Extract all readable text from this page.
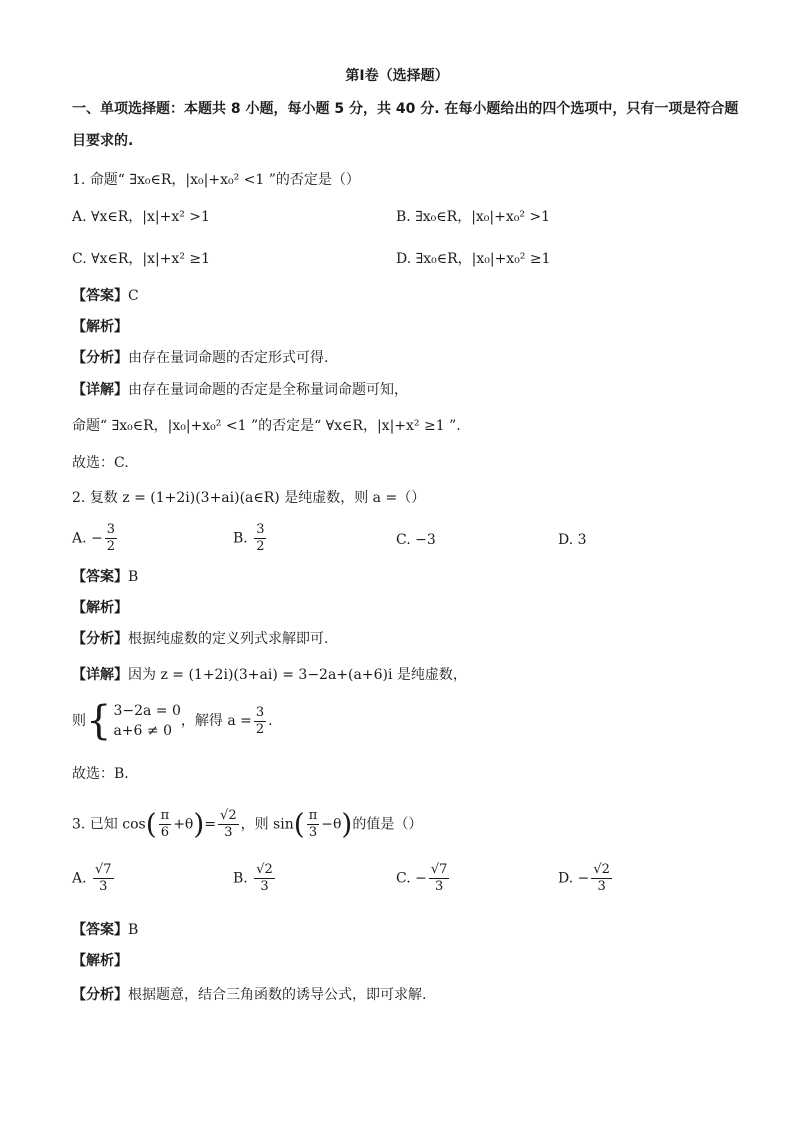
第Ⅰ卷（选择题）
一、单项选择题：本题共 8 小题，每小题 5 分，共 40 分. 在每小题给出的四个选项中，只有一项是符合题
目要求的.
1. 命题“ ∃x₀∈R，|x₀|+x₀² <1 ”的否定是（）
A. ∀x∈R，|x|+x² >1	B. ∃x₀∈R，|x₀|+x₀² >1
C. ∀x∈R，|x|+x² ≥1	D. ∃x₀∈R，|x₀|+x₀² ≥1
【答案】C
【解析】
【分析】由存在量词命题的否定形式可得.
【详解】由存在量词命题的否定是全称量词命题可知，
命题“ ∃x₀∈R，|x₀|+x₀² <1 ”的否定是“ ∀x∈R，|x|+x² ≥1 ”.
故选：C.
2. 复数 z = (1+2i)(3+ai)(a∈R) 是纯虚数，则 a =（）
A. − $\frac{3}{2}$	B. $\frac{3}{2}$	C. −3	D. 3
【答案】B
【解析】
【分析】根据纯虚数的定义列式求解即可.
【详解】因为 z = (1+2i)(3+ai) = 3−2a+(a+6)i 是纯虚数，
则{ 3−2a = 0
a+6 ≠ 0
，解得 $a = \frac{3}{2}$ .
故选：B.
3. 已知 $\cos( \frac{\pi}{6} +\theta)= \frac{√2}{3}$ ，则 $\sin( \frac{\pi}{3} -\theta)$的值是（）
A. $\frac{√7}{3}$	B. $\frac{√2}{3}$	C. − $\frac{√7}{3}$	D. − $\frac{√2}{3}$
【答案】B
【解析】
【分析】根据题意，结合三角函数的诱导公式，即可求解.
